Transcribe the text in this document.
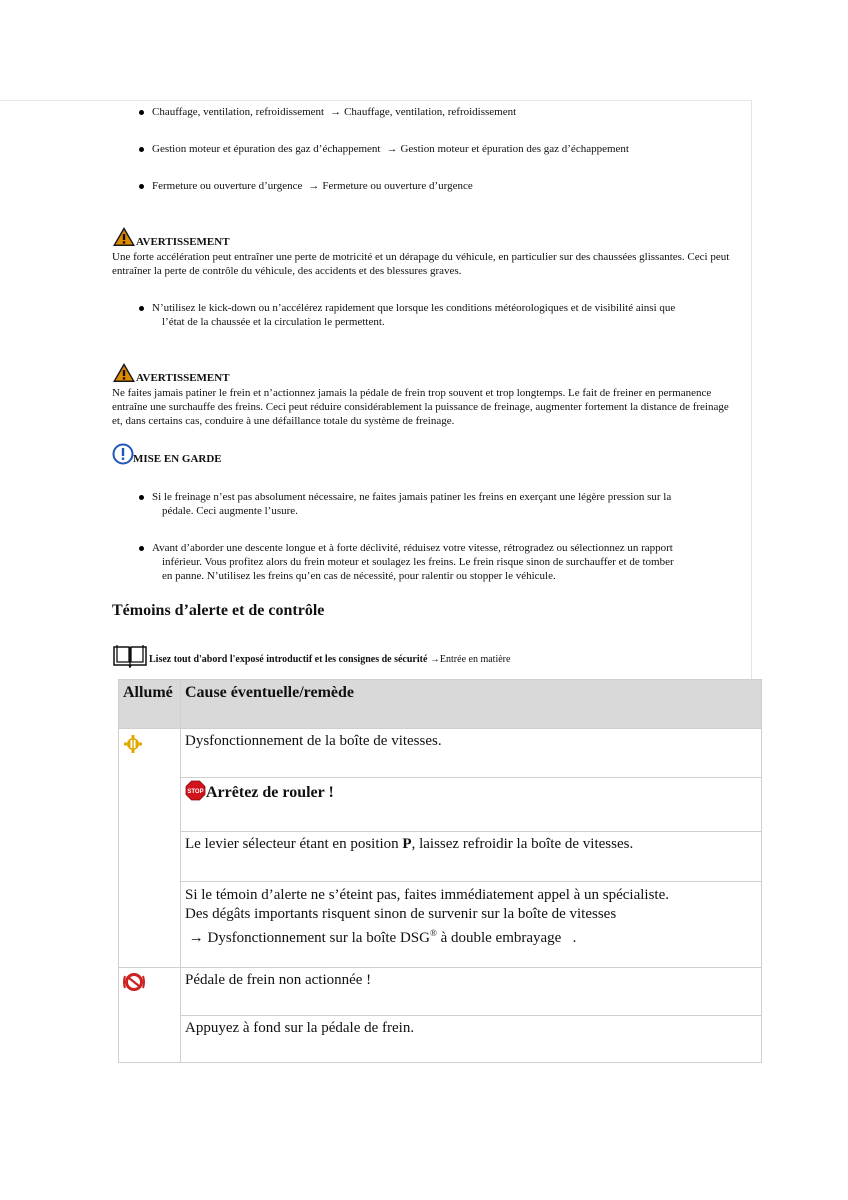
Chauffage, ventilation, refroidissement → Chauffage, ventilation, refroidissement
Gestion moteur et épuration des gaz d’échappement → Gestion moteur et épuration des gaz d’échappement
Fermeture ou ouverture d’urgence → Fermeture ou ouverture d’urgence
AVERTISSEMENT
Une forte accélération peut entraîner une perte de motricité et un dérapage du véhicule, en particulier sur des chaussées glissantes. Ceci peut entraîner la perte de contrôle du véhicule, des accidents et des blessures graves.
N’utilisez le kick-down ou n’accélérez rapidement que lorsque les conditions météorologiques et de visibilité ainsi que
l’état de la chaussée et la circulation le permettent.
AVERTISSEMENT
Ne faites jamais patiner le frein et n’actionnez jamais la pédale de frein trop souvent et trop longtemps. Le fait de freiner en permanence entraîne une surchauffe des freins. Ceci peut réduire considérablement la puissance de freinage, augmenter fortement la distance de freinage et, dans certains cas, conduire à une défaillance totale du système de freinage.
MISE EN GARDE
Si le freinage n’est pas absolument nécessaire, ne faites jamais patiner les freins en exerçant une légère pression sur la
pédale. Ceci augmente l’usure.
Avant d’aborder une descente longue et à forte déclivité, réduisez votre vitesse, rétrogradez ou sélectionnez un rapport
inférieur. Vous profitez alors du frein moteur et soulagez les freins. Le frein risque sinon de surchauffer et de tomber
en panne. N’utilisez les freins qu’en cas de nécessité, pour ralentir ou stopper le véhicule.
Témoins d’alerte et de contrôle
Lisez tout d'abord l'exposé introductif et les consignes de sécurité →Entrée en matière
Allumé	Cause éventuelle/remède
	Dysfonctionnement de la boîte de vitesses.

STOP Arrêtez de rouler !
	Le levier sélecteur étant en position P, laissez refroidir la boîte de vitesses.
	Si le témoin d’alerte ne s’éteint pas, faites immédiatement appel à un spécialiste.
Des dégâts importants risquent sinon de survenir sur la boîte de vitesses
→ Dysfonctionnement sur la boîte DSG® à double embrayage .
	Pédale de frein non actionnée !
	Appuyez à fond sur la pédale de frein.
